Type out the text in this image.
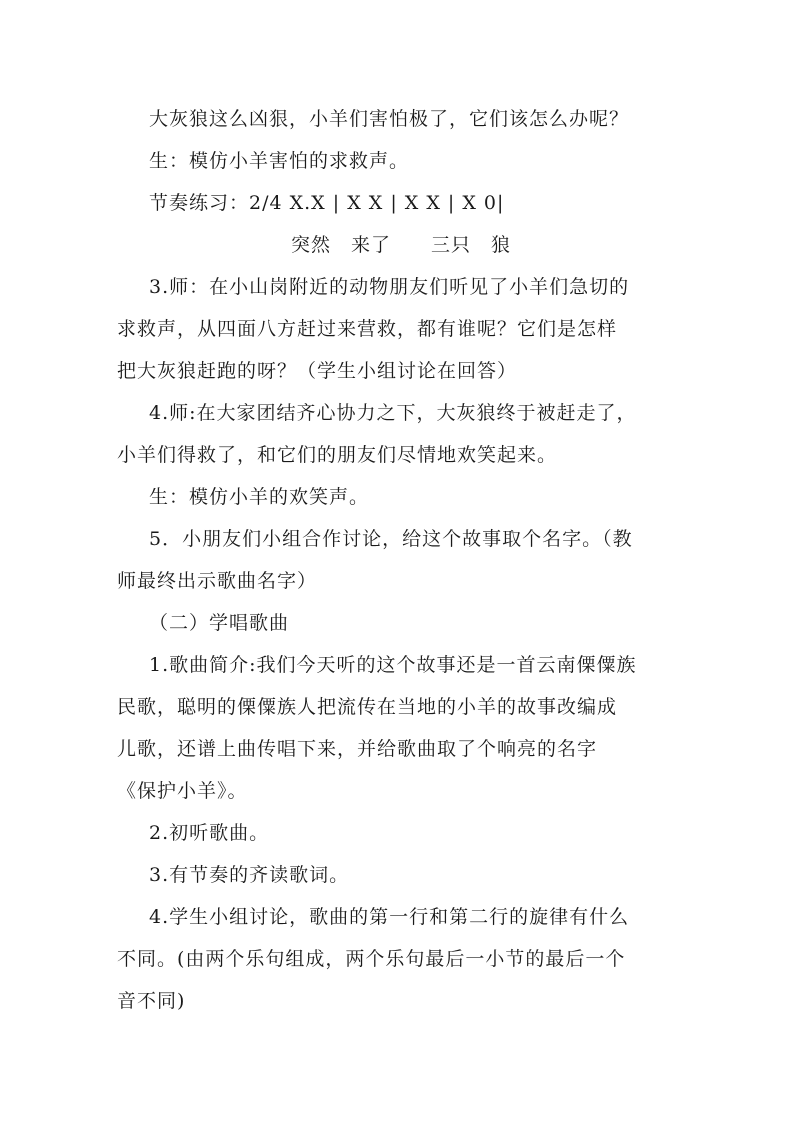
大灰狼这么凶狠，小羊们害怕极了，它们该怎么办呢？
生：模仿小羊害怕的求救声。
节奏练习：2/4 X.X | X X | X X | X 0|
突然　来了　　三只　狼
3.师：在小山岗附近的动物朋友们听见了小羊们急切的
求救声，从四面八方赶过来营救，都有谁呢？它们是怎样
把大灰狼赶跑的呀？（学生小组讨论在回答）
4.师:在大家团结齐心协力之下，大灰狼终于被赶走了，
小羊们得救了，和它们的朋友们尽情地欢笑起来。
生：模仿小羊的欢笑声。
5．小朋友们小组合作讨论，给这个故事取个名字。（教
师最终出示歌曲名字）
（二）学唱歌曲
1.歌曲简介:我们今天听的这个故事还是一首云南傈僳族
民歌，聪明的傈僳族人把流传在当地的小羊的故事改编成
儿歌，还谱上曲传唱下来，并给歌曲取了个响亮的名字
《保护小羊》。
2.初听歌曲。
3.有节奏的齐读歌词。
4.学生小组讨论，歌曲的第一行和第二行的旋律有什么
不同。(由两个乐句组成，两个乐句最后一小节的最后一个
音不同)
